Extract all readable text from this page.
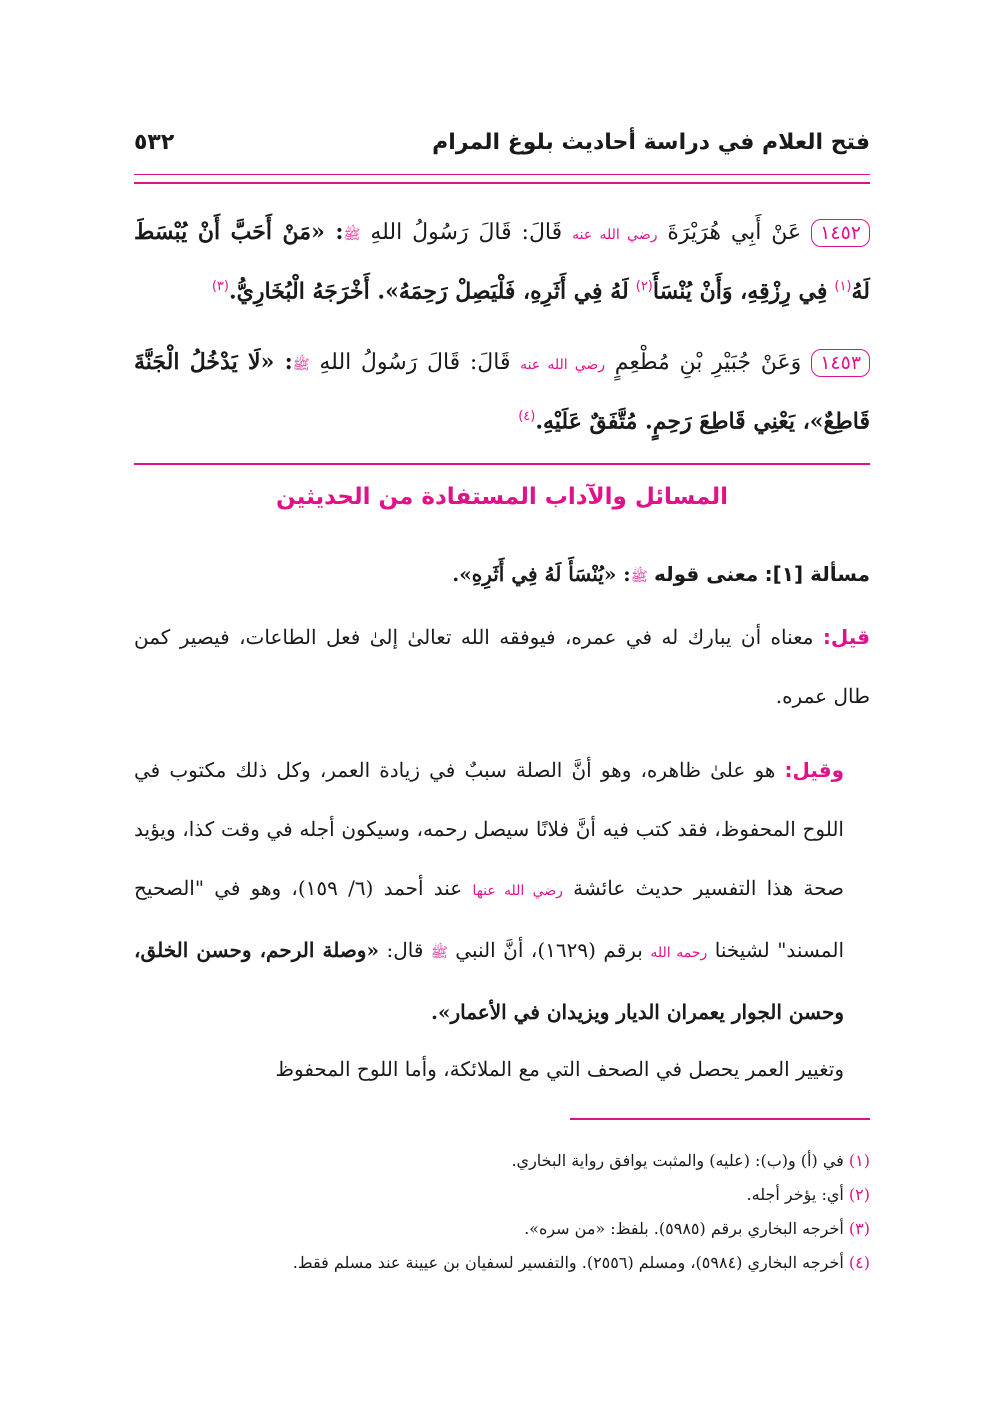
فتح العلام في دراسة أحاديث بلوغ المرام
٥٣٢
١٤٥٢عَنْ أَبِي هُرَيْرَةَ رضي الله عنه قَالَ: قَالَ رَسُولُ اللهِ ﷺ: «مَنْ أَحَبَّ أَنْ يُبْسَطَ لَهُ$^{(١)}$ فِي رِزْقِهِ، وَأَنْ يُنْسَأَ$^{(٢)}$ لَهُ فِي أَثَرِهِ، فَلْيَصِلْ رَحِمَهُ». أَخْرَجَهُ الْبُخَارِيُّ.$^{(٣)}$
١٤٥٣وَعَنْ جُبَيْرِ بْنِ مُطْعِمٍ رضي الله عنه قَالَ: قَالَ رَسُولُ اللهِ ﷺ: «لَا يَدْخُلُ الْجَنَّةَ قَاطِعٌ»، يَعْنِي قَاطِعَ رَحِمٍ. مُتَّفَقٌ عَلَيْهِ.$^{(٤)}$
المسائل والآداب المستفادة من الحديثين
مسألة [١]: معنى قوله ﷺ: «يُنْسَأَ لَهُ فِي أَثَرِهِ».
قيل: معناه أن يبارك له في عمره، فيوفقه الله تعالىٰ إلىٰ فعل الطاعات، فيصير كمن طال عمره.
وقيل: هو علىٰ ظاهره، وهو أنَّ الصلة سببٌ في زيادة العمر، وكل ذلك مكتوب في اللوح المحفوظ، فقد كتب فيه أنَّ فلانًا سيصل رحمه، وسيكون أجله في وقت كذا، ويؤيد صحة هذا التفسير حديث عائشة رضي الله عنها عند أحمد (٦/ ١٥٩)، وهو في "الصحيح المسند" لشيخنا رحمه الله برقم (١٦٢٩)، أنَّ النبي ﷺ قال: «وصلة الرحم، وحسن الخلق، وحسن الجوار يعمران الديار ويزيدان في الأعمار».
وتغيير العمر يحصل في الصحف التي مع الملائكة، وأما اللوح المحفوظ
(١) في (أ) و(ب): (عليه) والمثبت يوافق رواية البخاري.
(٢) أي: يؤخر أجله.
(٣) أخرجه البخاري برقم (٥٩٨٥). بلفظ: «من سره».
(٤) أخرجه البخاري (٥٩٨٤)، ومسلم (٢٥٥٦). والتفسير لسفيان بن عيينة عند مسلم فقط.
